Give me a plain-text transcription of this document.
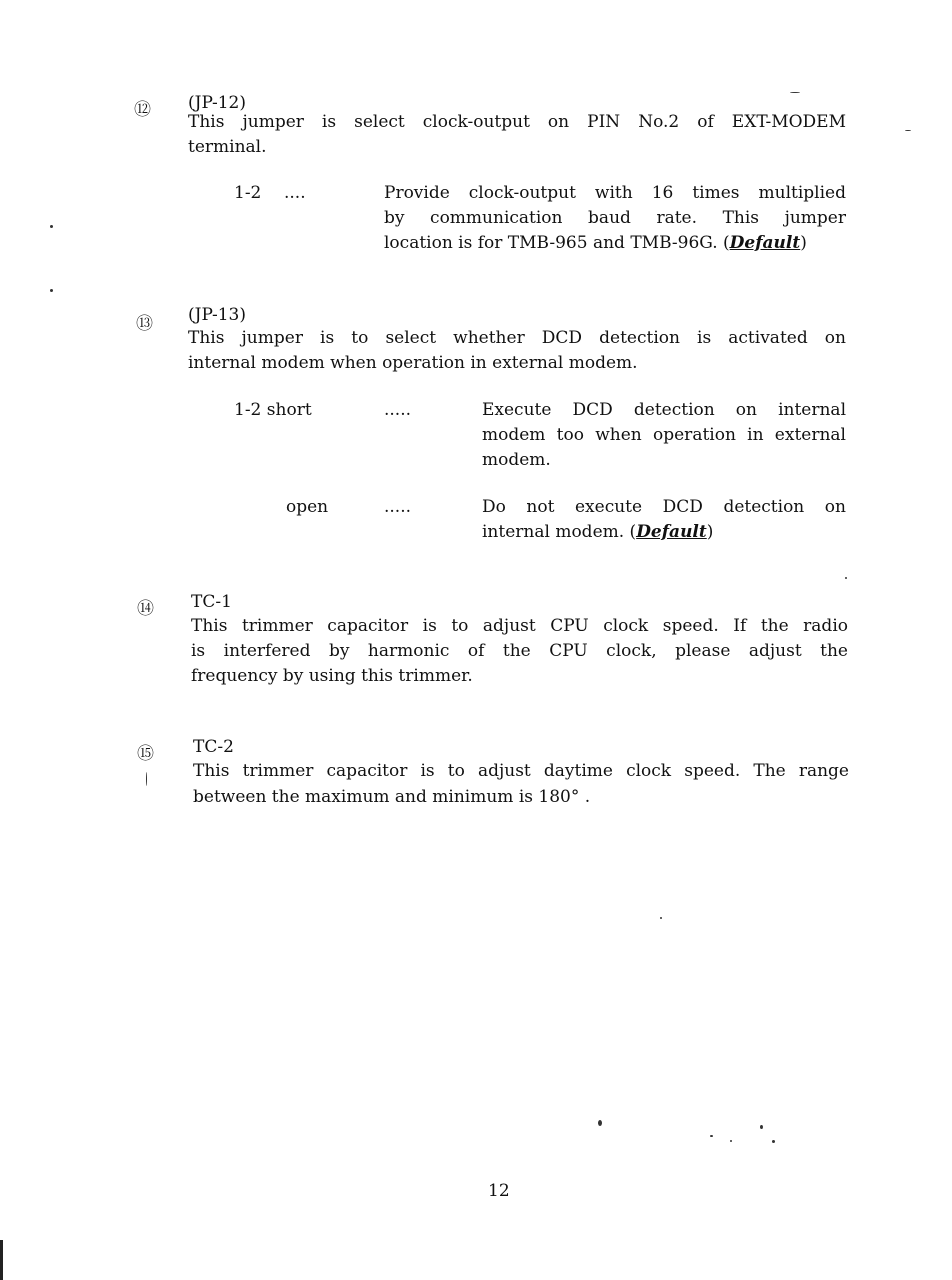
⑫ (JP-12)
This jumper is select clock-output on PIN No.2 of EXT-MODEM
terminal.
1-2 ....	Provide clock-output with 16 times multiplied
by communication baud rate. This jumper
location is for TMB-965 and TMB-96G. (Default)
⑬ (JP-13)
This jumper is to select whether DCD detection is activated on
internal modem when operation in external modem.
1-2 short	.....	Execute DCD detection on internal
modem too when operation in external
modem.
open	.....	Do not execute DCD detection on
internal modem. (Default)
⑭ TC-1
This trimmer capacitor is to adjust CPU clock speed. If the radio
is interfered by harmonic of the CPU clock, please adjust the
frequency by using this trimmer.
⑮ TC-2
This trimmer capacitor is to adjust daytime clock speed. The range
between the maximum and minimum is 180° .
12
